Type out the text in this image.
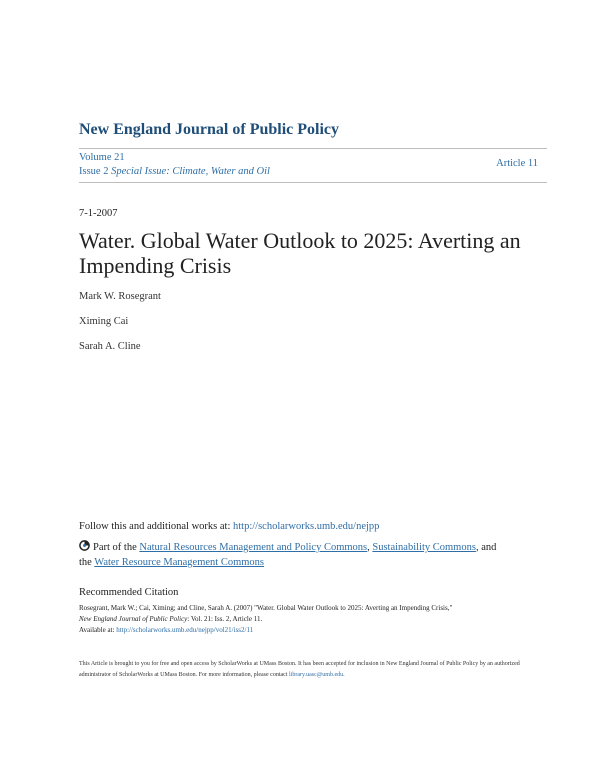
New England Journal of Public Policy
Volume 21
Issue 2 Special Issue: Climate, Water and Oil
Article 11
7-1-2007
Water. Global Water Outlook to 2025: Averting an Impending Crisis
Mark W. Rosegrant
Ximing Cai
Sarah A. Cline
Follow this and additional works at: http://scholarworks.umb.edu/nejpp
Part of the Natural Resources Management and Policy Commons, Sustainability Commons, and
the Water Resource Management Commons
Recommended Citation
Rosegrant, Mark W.; Cai, Ximing; and Cline, Sarah A. (2007) "Water. Global Water Outlook to 2025: Averting an Impending Crisis,"
New England Journal of Public Policy: Vol. 21: Iss. 2, Article 11.
Available at: http://scholarworks.umb.edu/nejpp/vol21/iss2/11
This Article is brought to you for free and open access by ScholarWorks at UMass Boston. It has been accepted for inclusion in New England Journal of Public Policy by an authorized administrator of ScholarWorks at UMass Boston. For more information, please contact library.uasc@umb.edu.
